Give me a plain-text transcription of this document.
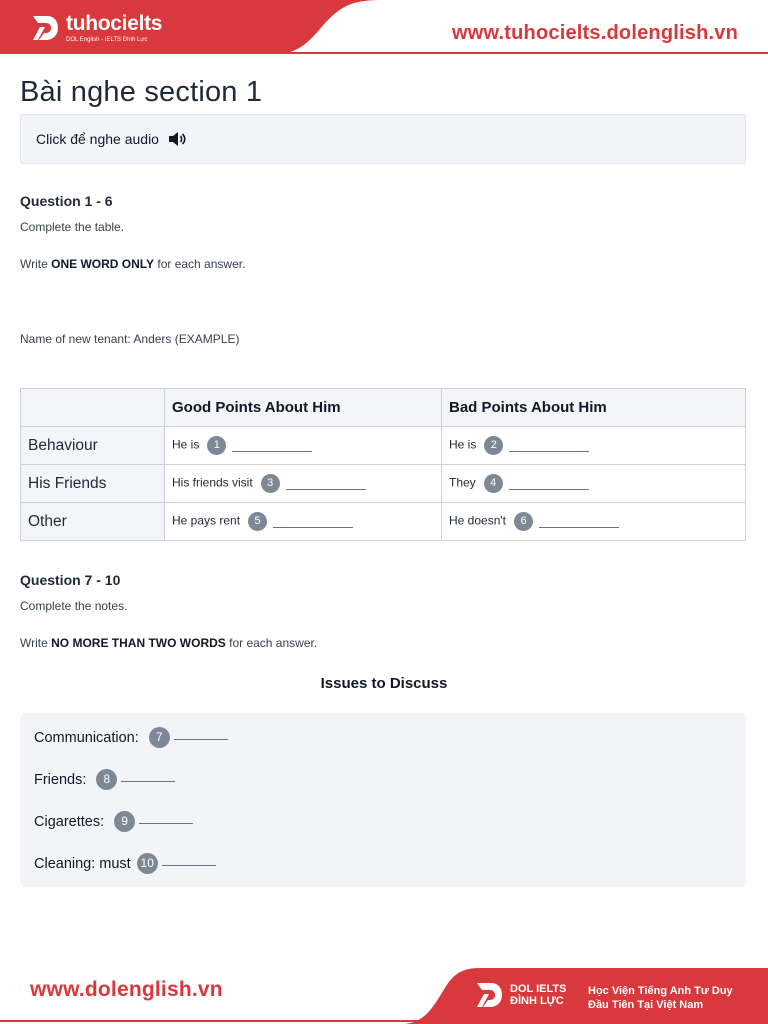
tuhocielts
DOL English - IELTS Đình Lực	www.tuhocielts.dolenglish.vn
Bài nghe section 1
Click để nghe audio
Question 1 - 6
Complete the table.
Write ONE WORD ONLY for each answer.
Name of new tenant: Anders (EXAMPLE)
	Good Points About Him	Bad Points About Him
Behaviour	He is 1	He is 2
His Friends	His friends visit 3	They 4
Other	He pays rent 5	He doesn't 6
Question 7 - 10
Complete the notes.
Write NO MORE THAN TWO WORDS for each answer.
Issues to Discuss
Communication:	7
Friends:	8
Cigarettes:	9
Cleaning: must 10
www.dolenglish.vn	DOL IELTS
ĐÌNH LỰC
Học Viện Tiếng Anh Tư Duy
Đầu Tiên Tại Việt Nam
